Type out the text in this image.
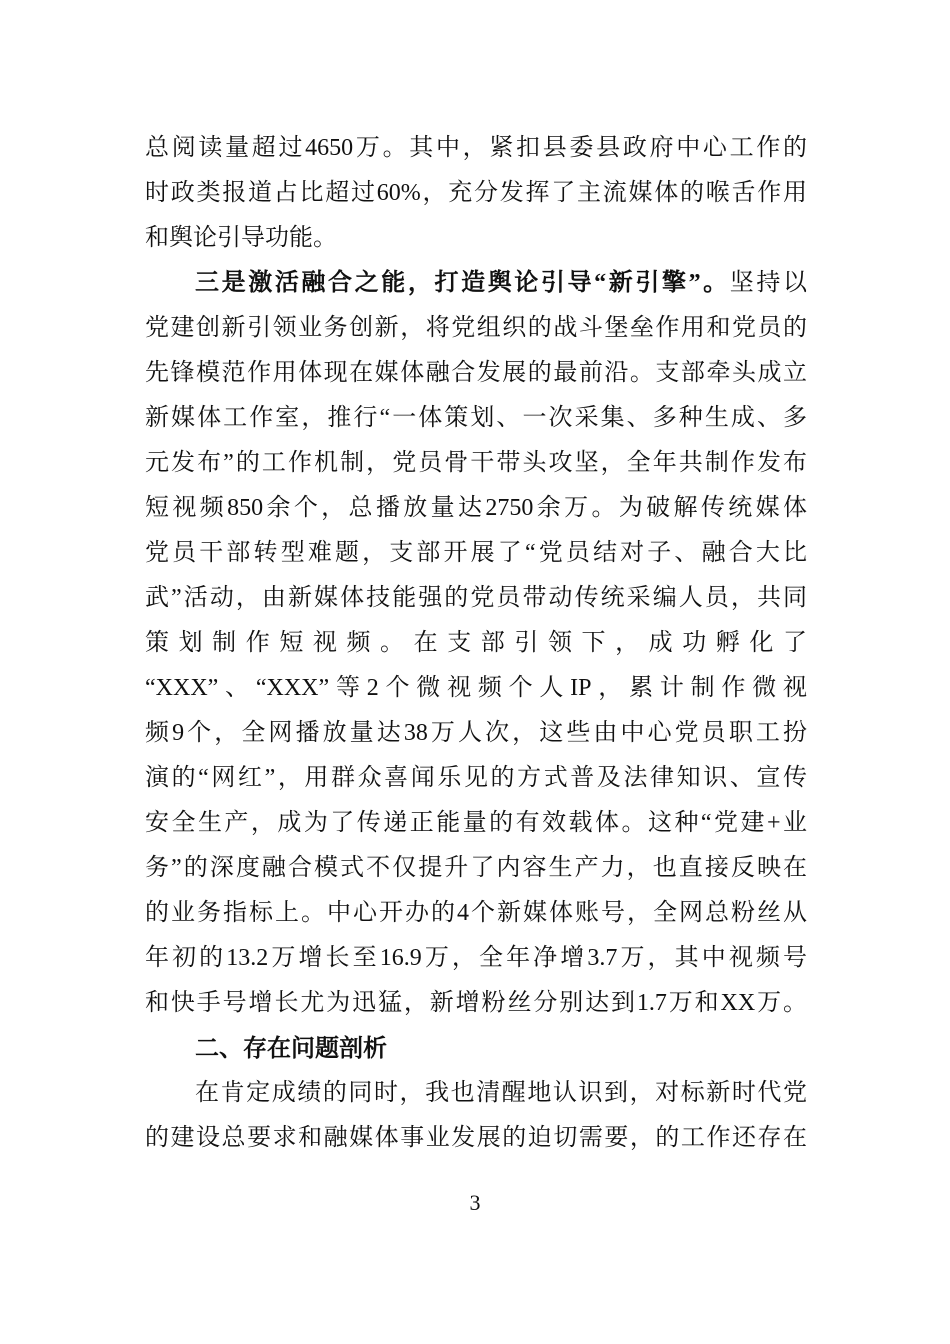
总阅读量超过4650万。其中，紧扣县委县政府中心工作的
时政类报道占比超过60%，充分发挥了主流媒体的喉舌作用
和舆论引导功能。
三是激活融合之能，打造舆论引导“新引擎”。坚持以
党建创新引领业务创新，将党组织的战斗堡垒作用和党员的
先锋模范作用体现在媒体融合发展的最前沿。支部牵头成立
新媒体工作室，推行“一体策划、一次采集、多种生成、多
元发布”的工作机制，党员骨干带头攻坚，全年共制作发布
短视频850余个，总播放量达2750余万。为破解传统媒体
党员干部转型难题，支部开展了“党员结对子、融合大比
武”活动，由新媒体技能强的党员带动传统采编人员，共同
策划制作短视频。在支部引领下，成功孵化了
“XXX”、“XXX”等2个微视频个人IP，累计制作微视
频9个，全网播放量达38万人次，这些由中心党员职工扮
演的“网红”，用群众喜闻乐见的方式普及法律知识、宣传
安全生产，成为了传递正能量的有效载体。这种“党建+业
务”的深度融合模式不仅提升了内容生产力，也直接反映在
的业务指标上。中心开办的4个新媒体账号，全网总粉丝从
年初的13.2万增长至16.9万，全年净增3.7万，其中视频号
和快手号增长尤为迅猛，新增粉丝分别达到1.7万和XX万。
二、存在问题剖析
在肯定成绩的同时，我也清醒地认识到，对标新时代党
的建设总要求和融媒体事业发展的迫切需要，的工作还存在
3
